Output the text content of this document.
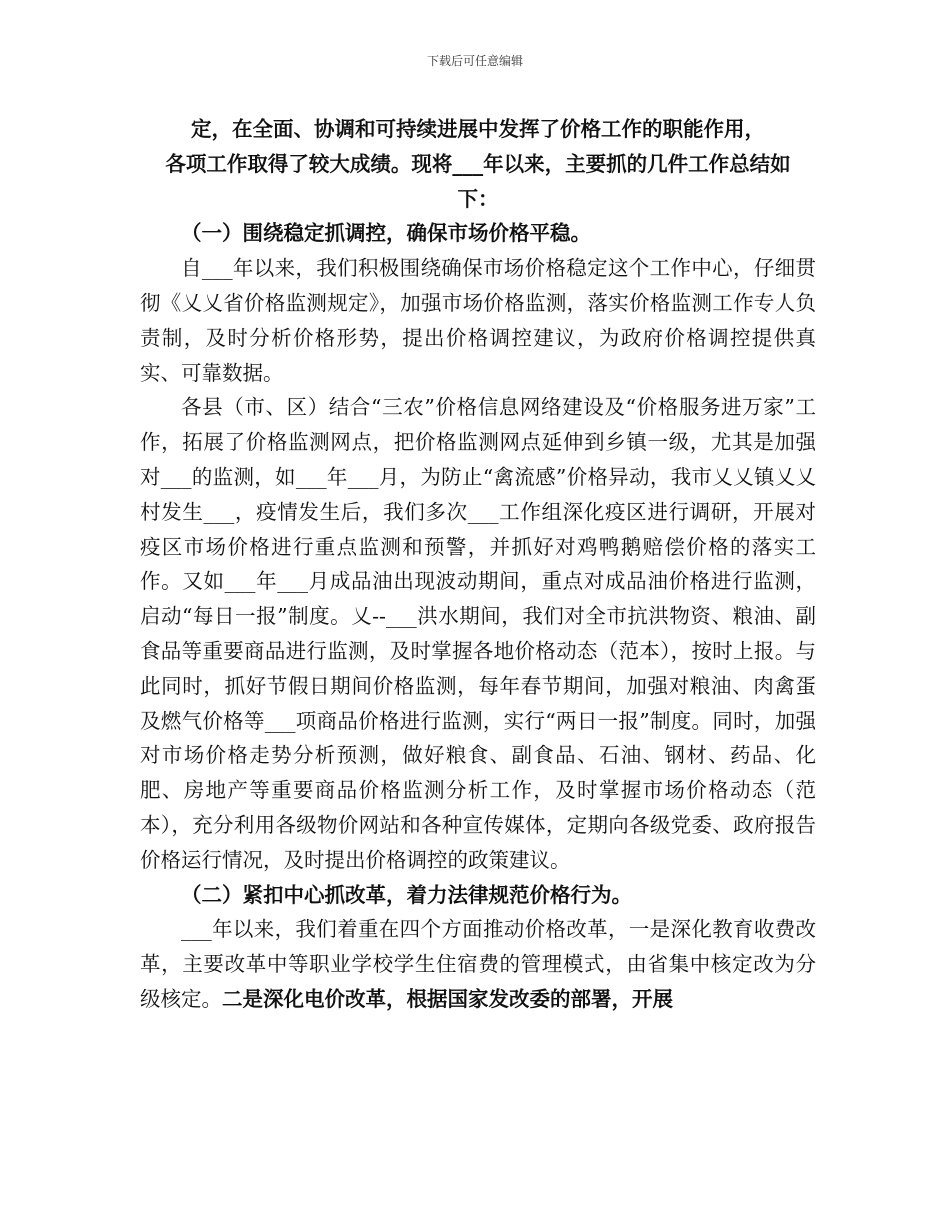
下载后可任意编辑
定，在全面、协调和可持续进展中发挥了价格工作的职能作用，
各项工作取得了较大成绩。现将___年以来，主要抓的几件工作总结如
下：

（一）围绕稳定抓调控，确保市场价格平稳。

自___年以来，我们积极围绕确保市场价格稳定这个工作中心，仔细贯彻《乂乂省价格监测规定》，加强市场价格监测，落实价格监测工作专人负责制，及时分析价格形势，提出价格调控建议，为政府价格调控提供真实、可靠数据。

各县（市、区）结合“三农”价格信息网络建设及“价格服务进万家”工作，拓展了价格监测网点，把价格监测网点延伸到乡镇一级，尤其是加强对___的监测，如___年___月，为防止“禽流感”价格异动，我市乂乂镇乂乂村发生___，疫情发生后，我们多次___工作组深化疫区进行调研，开展对疫区市场价格进行重点监测和预警，并抓好对鸡鸭鹅赔偿价格的落实工作。又如___年___月成品油出现波动期间，重点对成品油价格进行监测，启动“每日一报”制度。乂--___洪水期间，我们对全市抗洪物资、粮油、副食品等重要商品进行监测，及时掌握各地价格动态（范本），按时上报。与此同时，抓好节假日期间价格监测，每年春节期间，加强对粮油、肉禽蛋及燃气价格等___项商品价格进行监测，实行“两日一报”制度。同时，加强对市场价格走势分析预测，做好粮食、副食品、石油、钢材、药品、化肥、房地产等重要商品价格监测分析工作，及时掌握市场价格动态（范本），充分利用各级物价网站和各种宣传媒体，定期向各级党委、政府报告价格运行情况，及时提出价格调控的政策建议。

（二）紧扣中心抓改革，着力法律规范价格行为。

___年以来，我们着重在四个方面推动价格改革，一是深化教育收费改革，主要改革中等职业学校学生住宿费的管理模式，由省集中核定改为分级核定。二是深化电价改革，根据国家发改委的部署，开展
